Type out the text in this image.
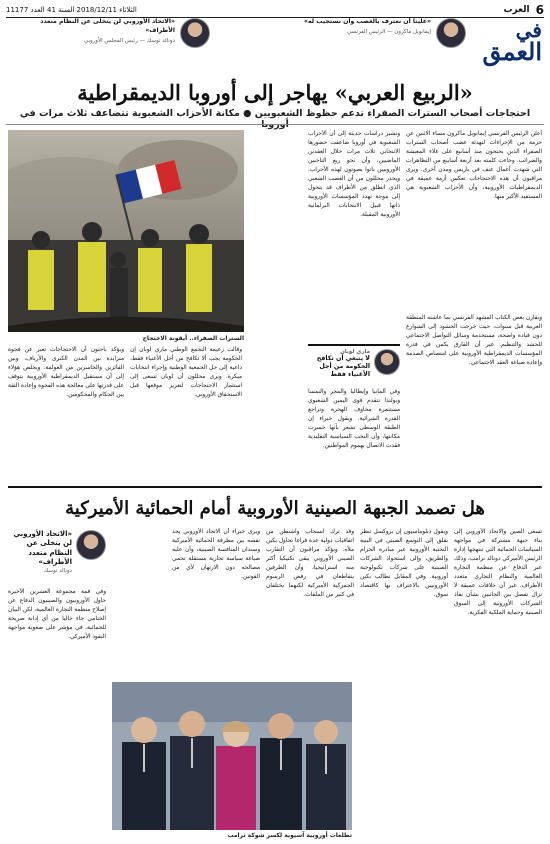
6
العرب
الثلاثاء 2018/12/11 السنة 41 العدد 11177
في
العمق
«علينا أن نعترف بالغضب وأن نستجيب له»
إيمانويل ماكرون — الرئيس الفرنسي
«الاتحاد الأوروبي لن يتخلى عن النظام متعدد الأطراف»
دونالد توسك — رئيس المجلس الأوروبي
«الربيع العربي» يهاجر إلى أوروبا الديمقراطية
احتجاجات أصحاب السترات الصفراء تدعم حظوظ الشعبويين ● مكانة الأحزاب الشعبوية تتضاعف ثلاث مرات في
أعلن الرئيس الفرنسي إيمانويل ماكرون مساء الاثنين عن حزمة من الإجراءات لتهدئة غضب أصحاب السترات الصفراء الذين يحتجون منذ أسابيع على غلاء المعيشة والضرائب. وجاءت كلمته بعد أربعة أسابيع من التظاهرات التي شهدت أعمال عنف في باريس ومدن أخرى. ويرى مراقبون أن هذه الاحتجاجات تعكس أزمة عميقة في الديمقراطيات الأوروبية، وأن الأحزاب الشعبوية هي المستفيد الأكبر منها.
وتشير دراسات حديثة إلى أن الأحزاب الشعبوية في أوروبا ضاعفت حضورها الانتخابي ثلاث مرات خلال العقدين الماضيين، وأن نحو ربع الناخبين الأوروبيين باتوا يصوتون لهذه الأحزاب. ويحذر محللون من أن الغضب الشعبي الذي انطلق من الأطراف قد يتحول إلى موجة تهدد المؤسسات الأوروبية ذاتها قبيل الانتخابات البرلمانية الأوروبية المقبلة.
السترات الصفراء.. أيقونة الاحتجاج
ماري لوبان
لا ينبغي أن تكافح الحكومة من أجل الأغنياء فقط
ويقارن بعض الكتاب المشهد الفرنسي بما عاشته المنطقة العربية قبل سنوات، حيث خرجت الحشود إلى الشوارع دون قيادة واضحة، مستخدمة وسائل التواصل الاجتماعي للحشد والتنظيم. غير أن الفارق يكمن في قدرة المؤسسات الديمقراطية الأوروبية على امتصاص الصدمة وإعادة صياغة العقد الاجتماعي.
وفي ألمانيا وإيطاليا والمجر والنمسا وبولندا تتقدم قوى اليمين الشعبوي مستثمرة مخاوف الهجرة وتراجع القدرة الشرائية. ويقول خبراء إن الطبقة الوسطى تشعر بأنها خسرت مكانتها، وأن النخب السياسية التقليدية فقدت الاتصال بهموم المواطنين.
وقالت زعيمة التجمع الوطني ماري لوبان إن الحكومة يجب ألا تكافح من أجل الأغنياء فقط، داعية إلى حل الجمعية الوطنية وإجراء انتخابات مبكرة. ويرى محللون أن لوبان تسعى إلى استثمار الاحتجاجات لتعزيز موقعها قبل الاستحقاق الأوروبي.
ويؤكد باحثون أن الاحتجاجات تعبر عن فجوة متزايدة بين المدن الكبرى والأرياف، وبين الفائزين والخاسرين من العولمة. ويخلص هؤلاء إلى أن مستقبل الديمقراطية الأوروبية يتوقف على قدرتها على معالجة هذه الفجوة وإعادة الثقة بين الحكام والمحكومين.
هل تصمد الجبهة الصينية الأوروبية أمام الحمائية الأميركية
«الاتحاد الأوروبي لن يتخلى عن النظام متعدد الأطراف»
دونالد توسك
تسعى الصين والاتحاد الأوروبي إلى بناء جبهة مشتركة في مواجهة السياسات الحمائية التي تنتهجها إدارة الرئيس الأميركي دونالد ترامب، وذلك عبر الدفاع عن منظمة التجارة العالمية والنظام التجاري متعدد الأطراف. غير أن خلافات عميقة لا تزال تفصل بين الجانبين بشأن نفاذ الشركات الأوروبية إلى السوق الصينية وحماية الملكية الفكرية.
ويقول دبلوماسيون إن بروكسل تنظر بقلق إلى التوسع الصيني في البنية التحتية الأوروبية عبر مبادرة الحزام والطريق، وإلى استحواذ الشركات الصينية على شركات تكنولوجية أوروبية. وفي المقابل تطالب بكين الأوروبيين بالاعتراف بها كاقتصاد سوق.
وقد ترك انسحاب واشنطن من اتفاقيات دولية عدة فراغا تحاول بكين ملأه. ويؤكد مراقبون أن التقارب الصيني الأوروبي يبقى تكتيكيا أكثر منه استراتيجيا، وأن الطرفين يتقاطعان في رفض الرسوم الجمركية الأميركية لكنهما يختلفان في كثير من الملفات.
ويرى خبراء أن الاتحاد الأوروبي يجد نفسه بين مطرقة الحمائية الأميركية وسندان المنافسة الصينية، وأن عليه صياغة سياسة تجارية مستقلة تحمي مصالحه دون الارتهان لأي من القوتين.
وفي قمة مجموعة العشرين الأخيرة حاول الأوروبيون والصينيون الدفاع عن إصلاح منظمة التجارة العالمية، لكن البيان الختامي جاء خاليا من أي إدانة صريحة للحمائية، في مؤشر على صعوبة مواجهة النفوذ الأميركي.
تطلعات أوروبية آسيوية لكسر شوكة ترامب
